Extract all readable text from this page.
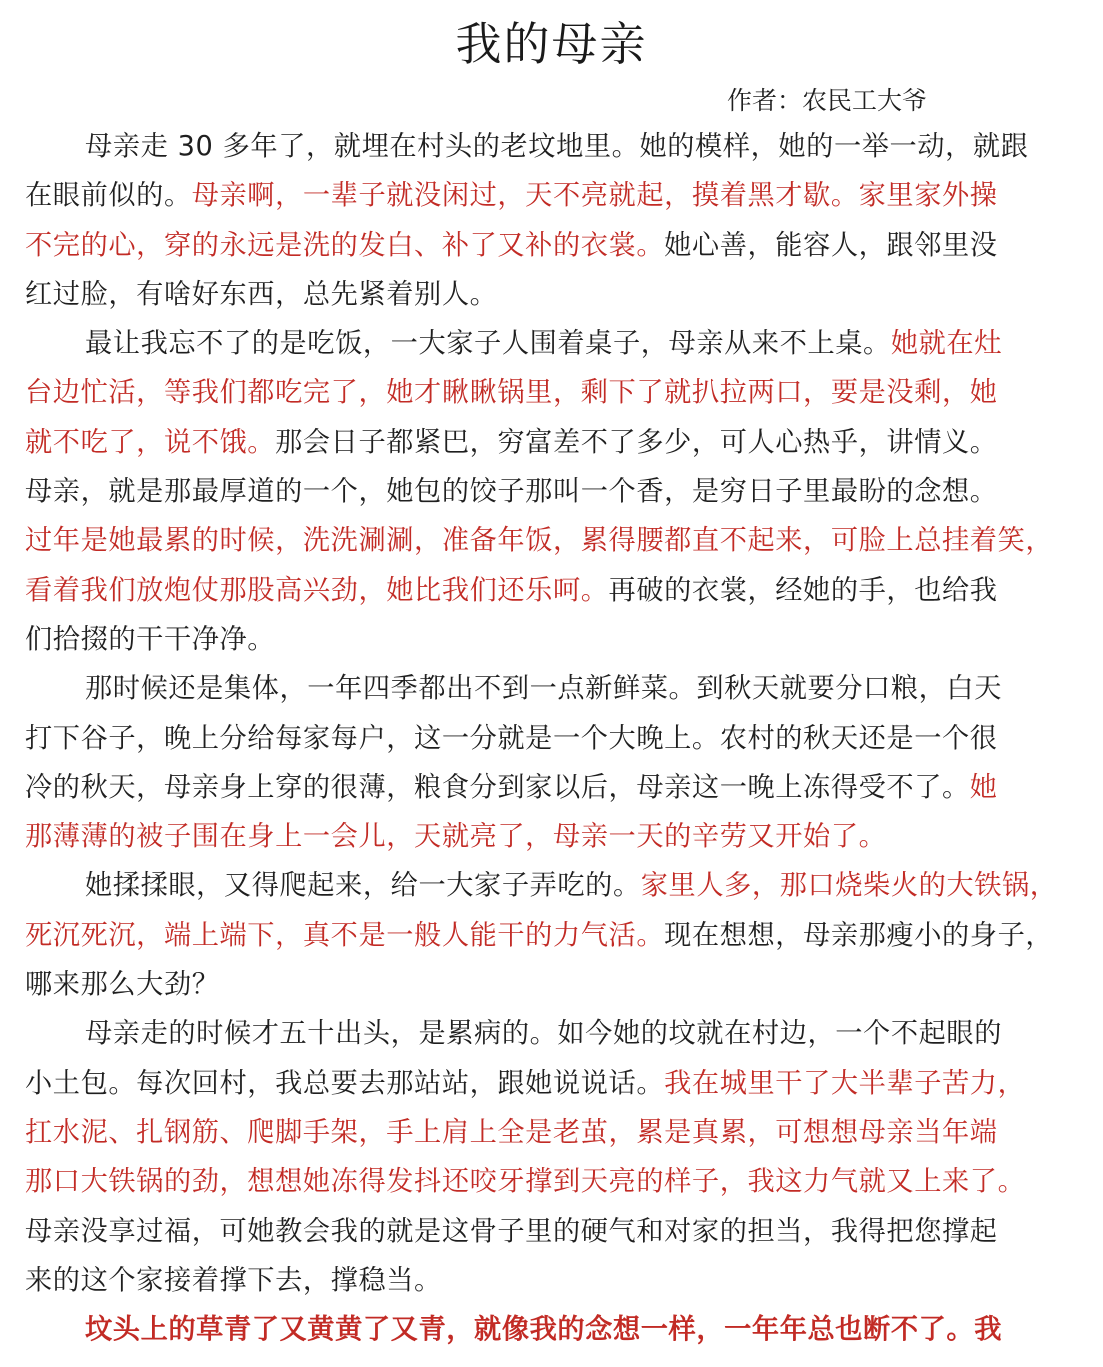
我的母亲
作者：农民工大爷
母亲走 30 多年了，就埋在村头的老坟地里。她的模样，她的一举一动，就跟
在眼前似的。母亲啊，一辈子就没闲过，天不亮就起，摸着黑才歇。家里家外操
不完的心，穿的永远是洗的发白、补了又补的衣裳。她心善，能容人，跟邻里没
红过脸，有啥好东西，总先紧着别人。
最让我忘不了的是吃饭，一大家子人围着桌子，母亲从来不上桌。她就在灶
台边忙活，等我们都吃完了，她才瞅瞅锅里，剩下了就扒拉两口，要是没剩，她
就不吃了，说不饿。那会日子都紧巴，穷富差不了多少，可人心热乎，讲情义。
母亲，就是那最厚道的一个，她包的饺子那叫一个香，是穷日子里最盼的念想。
过年是她最累的时候，洗洗涮涮，准备年饭，累得腰都直不起来，可脸上总挂着笑，
看着我们放炮仗那股高兴劲，她比我们还乐呵。再破的衣裳，经她的手，也给我
们拾掇的干干净净。
那时候还是集体，一年四季都出不到一点新鲜菜。到秋天就要分口粮，白天
打下谷子，晚上分给每家每户，这一分就是一个大晚上。农村的秋天还是一个很
冷的秋天，母亲身上穿的很薄，粮食分到家以后，母亲这一晚上冻得受不了。她
那薄薄的被子围在身上一会儿，天就亮了，母亲一天的辛劳又开始了。
她揉揉眼，又得爬起来，给一大家子弄吃的。家里人多，那口烧柴火的大铁锅，
死沉死沉，端上端下，真不是一般人能干的力气活。现在想想，母亲那瘦小的身子，
哪来那么大劲？
母亲走的时候才五十出头，是累病的。如今她的坟就在村边，一个不起眼的
小土包。每次回村，我总要去那站站，跟她说说话。我在城里干了大半辈子苦力，
扛水泥、扎钢筋、爬脚手架，手上肩上全是老茧，累是真累，可想想母亲当年端
那口大铁锅的劲，想想她冻得发抖还咬牙撑到天亮的样子，我这力气就又上来了。
母亲没享过福，可她教会我的就是这骨子里的硬气和对家的担当，我得把您撑起
来的这个家接着撑下去，撑稳当。
坟头上的草青了又黄黄了又青，就像我的念想一样，一年年总也断不了。我
